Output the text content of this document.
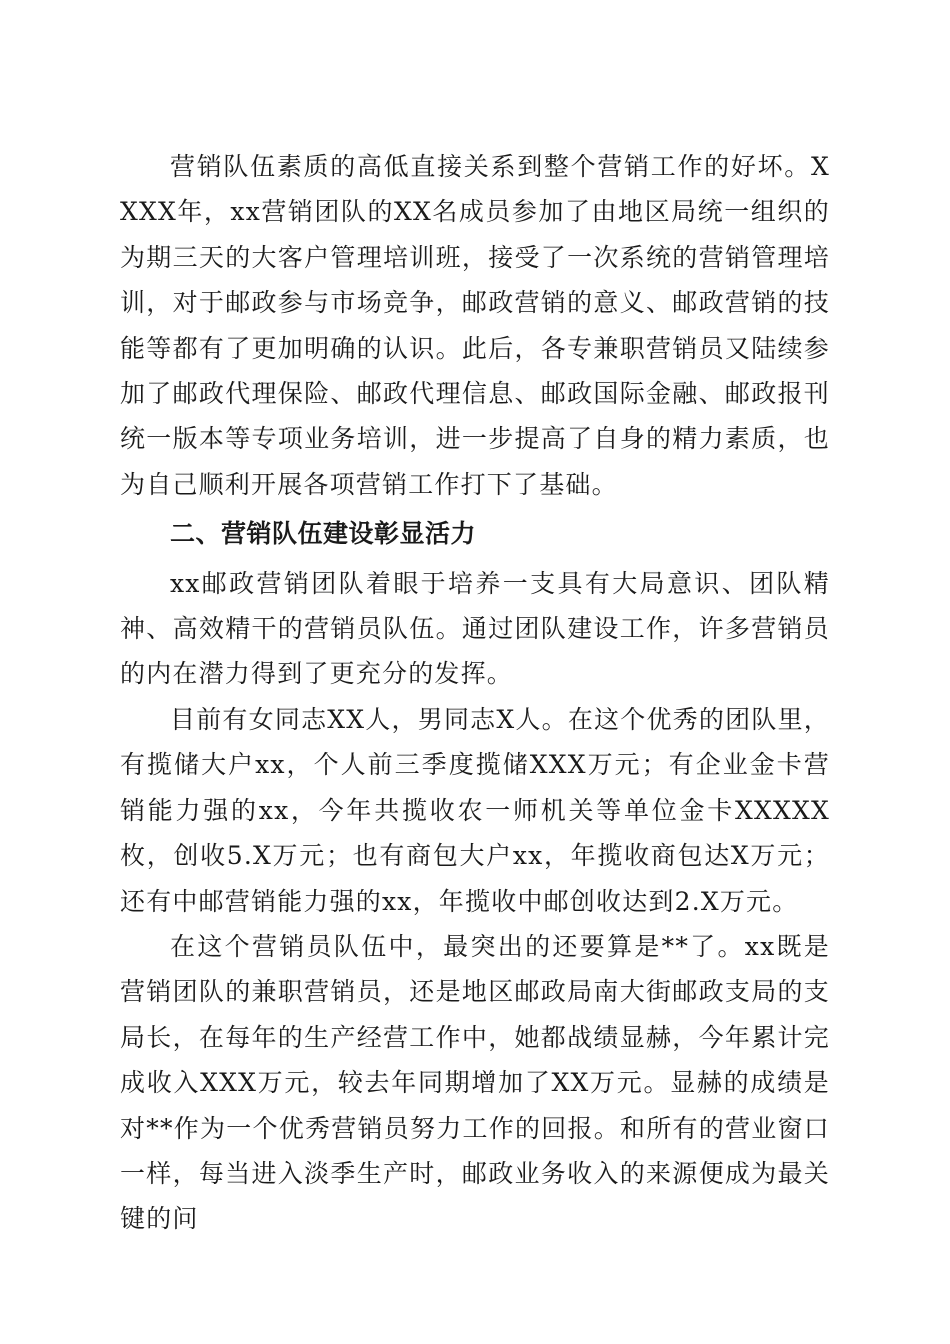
营销队伍素质的高低直接关系到整个营销工作的好坏。XXXX年，xx营销团队的XX名成员参加了由地区局统一组织的为期三天的大客户管理培训班，接受了一次系统的营销管理培训，对于邮政参与市场竞争，邮政营销的意义、邮政营销的技能等都有了更加明确的认识。此后，各专兼职营销员又陆续参加了邮政代理保险、邮政代理信息、邮政国际金融、邮政报刊统一版本等专项业务培训，进一步提高了自身的精力素质，也为自己顺利开展各项营销工作打下了基础。

二、营销队伍建设彰显活力

xx邮政营销团队着眼于培养一支具有大局意识、团队精神、高效精干的营销员队伍。通过团队建设工作，许多营销员的内在潜力得到了更充分的发挥。

目前有女同志XX人，男同志X人。在这个优秀的团队里，有揽储大户xx，个人前三季度揽储XXX万元；有企业金卡营销能力强的xx，今年共揽收农一师机关等单位金卡XXXXX枚，创收5.X万元；也有商包大户xx，年揽收商包达X万元；还有中邮营销能力强的xx，年揽收中邮创收达到2.X万元。

在这个营销员队伍中，最突出的还要算是**了。xx既是营销团队的兼职营销员，还是地区邮政局南大街邮政支局的支局长，在每年的生产经营工作中，她都战绩显赫，今年累计完成收入XXX万元，较去年同期增加了XX万元。显赫的成绩是对**作为一个优秀营销员努力工作的回报。和所有的营业窗口一样，每当进入淡季生产时，邮政业务收入的来源便成为最关键的问
